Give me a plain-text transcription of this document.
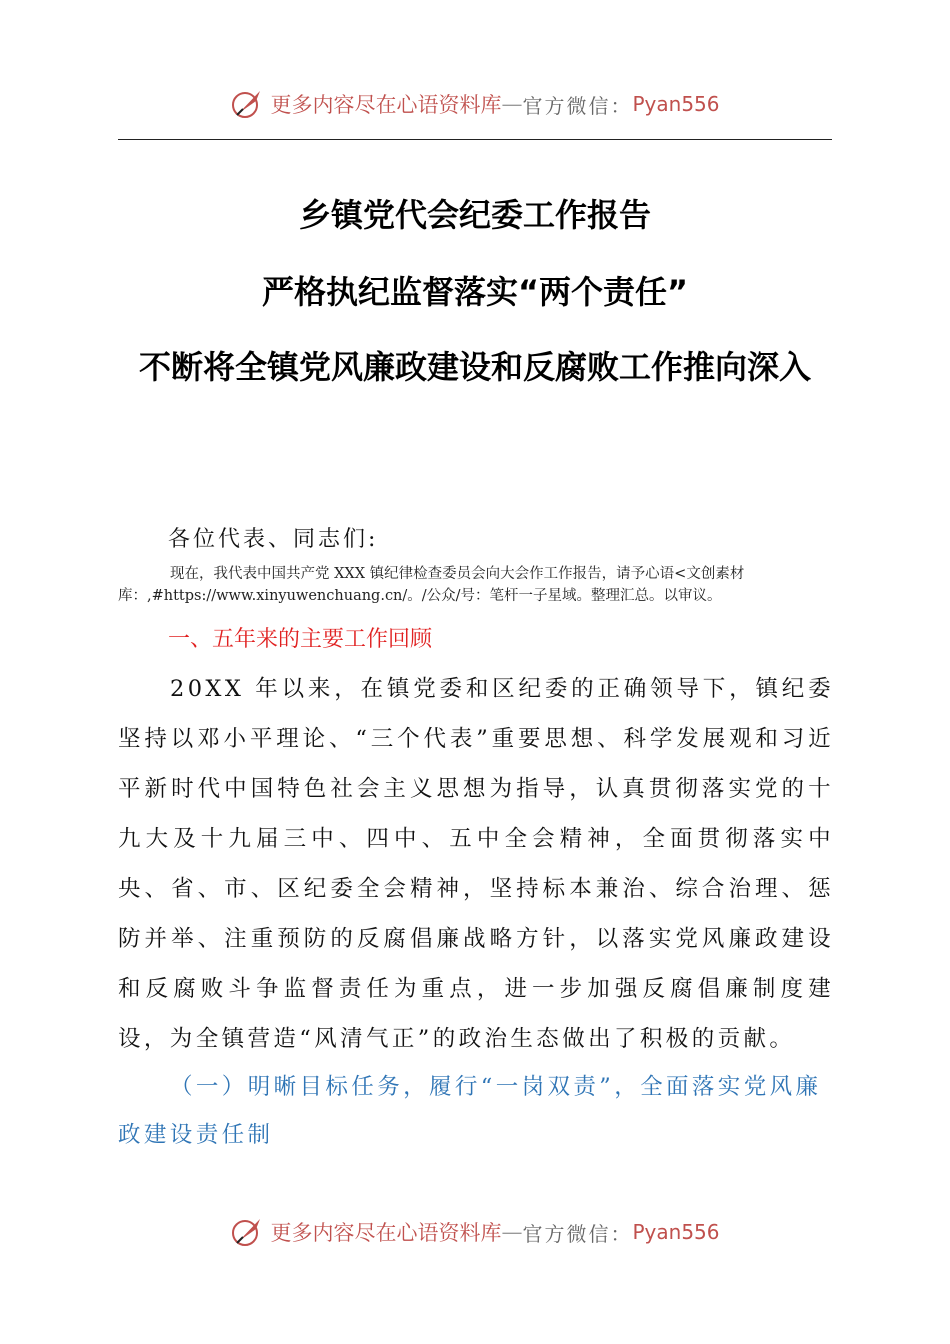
更多内容尽在心语资料库 — 官方微信： Pyan556
乡镇党代会纪委工作报告
严格执纪监督落实“两个责任”
不断将全镇党风廉政建设和反腐败工作推向深入
各位代表、同志们:
现在，我代表中国共产党 XXX 镇纪律检查委员会向大会作工作报告，请予心语<文创素材库：,#https://www.xinyuwenchuang.cn/。/公众/号：笔杆一子星域。整理汇总。以审议。
一、五年来的主要工作回顾
20XX 年以来，在镇党委和区纪委的正确领导下，镇纪委坚持以邓小平理论、“三个代表”重要思想、科学发展观和习近平新时代中国特色社会主义思想为指导，认真贯彻落实党的十九大及十九届三中、四中、五中全会精神，全面贯彻落实中央、省、市、区纪委全会精神，坚持标本兼治、综合治理、惩防并举、注重预防的反腐倡廉战略方针，以落实党风廉政建设和反腐败斗争监督责任为重点，进一步加强反腐倡廉制度建设，为全镇营造“风清气正”的政治生态做出了积极的贡献。
（一）明晰目标任务，履行“一岗双责”，全面落实党风廉政建设责任制
更多内容尽在心语资料库 — 官方微信： Pyan556
